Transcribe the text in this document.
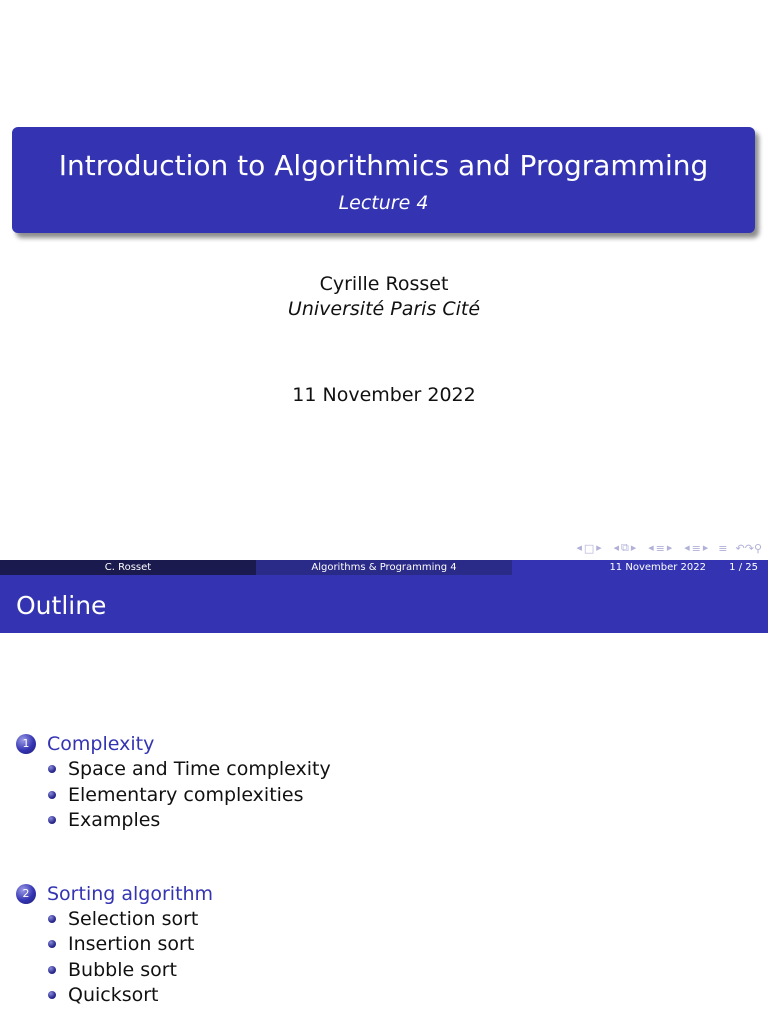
Introduction to Algorithmics and Programming
Lecture 4
Cyrille Rosset
Université Paris Cité
11 November 2022
◀ □ ▶ ◀ ⧉ ▶ ◀ ≡ ▶ ◀ ≡ ▶ ≡ ↶↷ ⚲
C. Rosset	Algorithms & Programming 4	11 November 2022 1 / 25
Outline
1 Complexity
Space and Time complexity
Elementary complexities
Examples
2 Sorting algorithm
Selection sort
Insertion sort
Bubble sort
Quicksort
